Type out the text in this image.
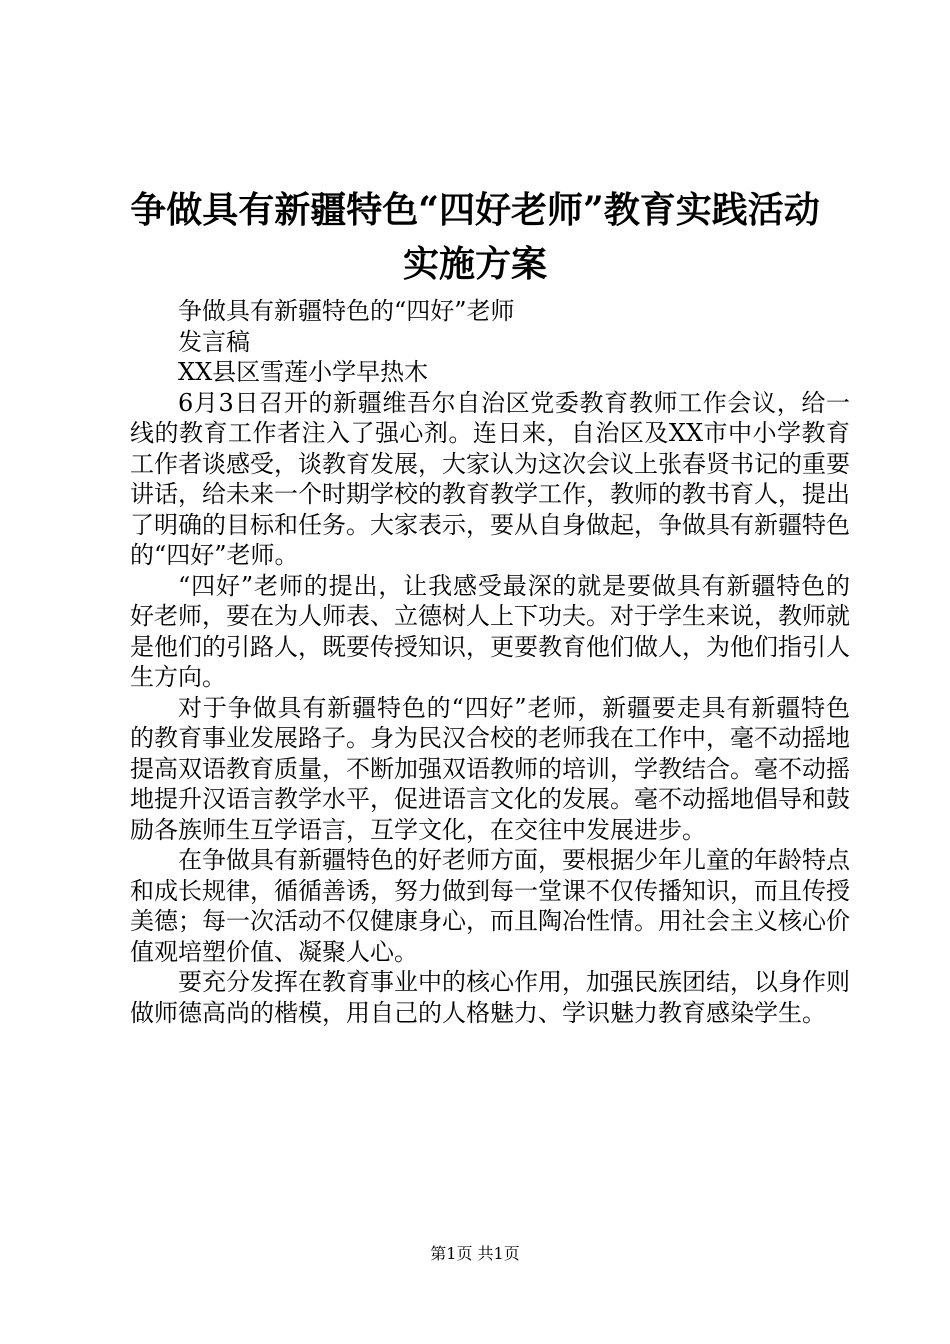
争做具有新疆特色“四好老师”教育实践活动
实施方案

争做具有新疆特色的“四好”老师

发言稿

XX县区雪莲小学早热木

6月3日召开的新疆维吾尔自治区党委教育教师工作会议，给一线的教育工作者注入了强心剂。连日来，自治区及XX市中小学教育工作者谈感受，谈教育发展，大家认为这次会议上张春贤书记的重要讲话，给未来一个时期学校的教育教学工作，教师的教书育人，提出了明确的目标和任务。大家表示，要从自身做起，争做具有新疆特色的“四好”老师。

“四好”老师的提出，让我感受最深的就是要做具有新疆特色的好老师，要在为人师表、立德树人上下功夫。对于学生来说，教师就是他们的引路人，既要传授知识，更要教育他们做人，为他们指引人生方向。

对于争做具有新疆特色的“四好”老师，新疆要走具有新疆特色的教育事业发展路子。身为民汉合校的老师我在工作中，毫不动摇地提高双语教育质量，不断加强双语教师的培训，学教结合。毫不动摇地提升汉语言教学水平，促进语言文化的发展。毫不动摇地倡导和鼓励各族师生互学语言，互学文化，在交往中发展进步。

在争做具有新疆特色的好老师方面，要根据少年儿童的年龄特点和成长规律，循循善诱，努力做到每一堂课不仅传播知识，而且传授美德；每一次活动不仅健康身心，而且陶冶性情。用社会主义核心价值观培塑价值、凝聚人心。

要充分发挥在教育事业中的核心作用，加强民族团结，以身作则做师德高尚的楷模，用自己的人格魅力、学识魅力教育感染学生。

第1页 共1页
